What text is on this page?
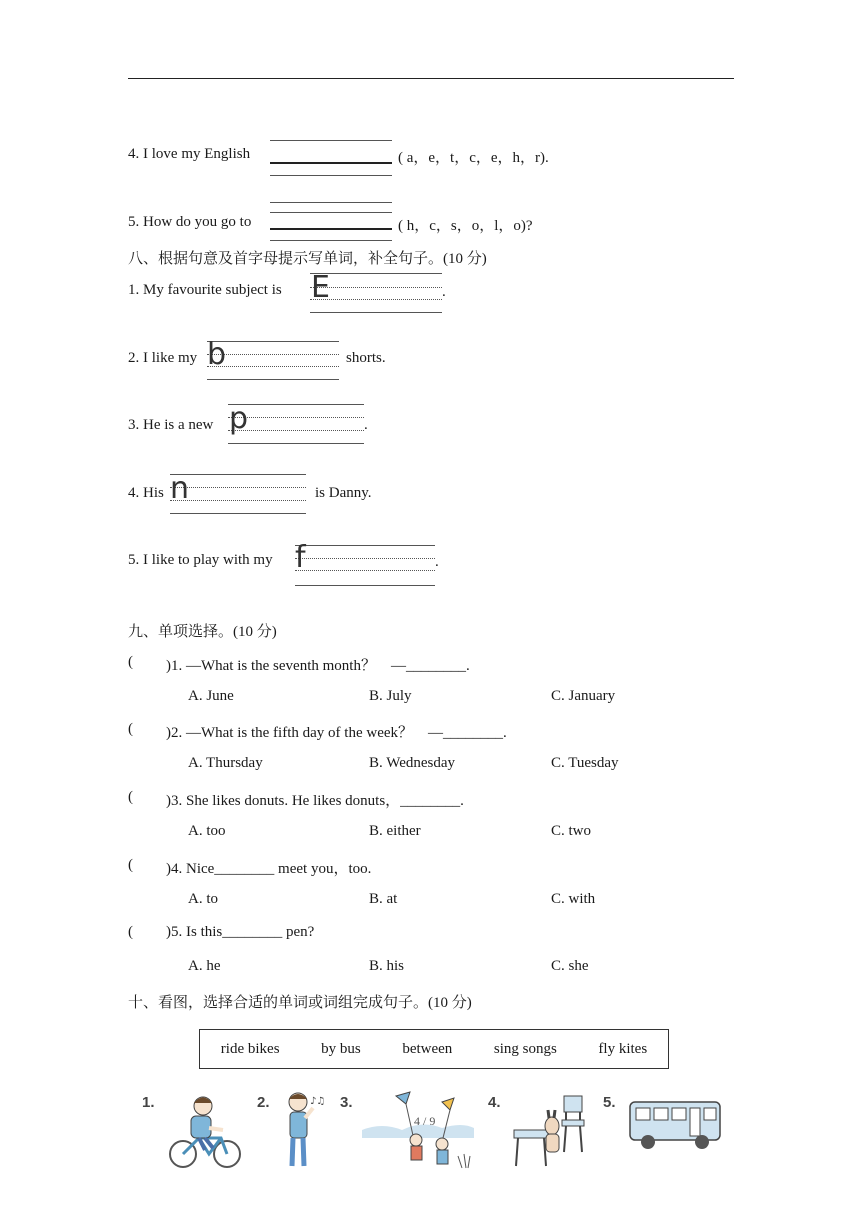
4. I love my English	( a，e，t，c，e，h，r).
5. How do you go to	( h，c，s，o，l，o)?
八、根据句意及首字母提示写单词，补全句子。(10 分)
1. My favourite subject is E	.
2. I like my b	shorts.
3. He is a new p	.
4. His n	is Danny.
5. I like to play with my f	.
九、单项选择。(10 分)
( )1. —What is the seventh month？　—________.
A. June	B. July	C. January
( )2. —What is the fifth day of the week？　—________.
A. Thursday	B. Wednesday	C. Tuesday
( )3. She likes donuts. He likes donuts，________.
A. too	B. either	C. two
( )4. Nice________ meet you，too.
A. to	B. at	C. with
( )5. Is this________ pen?
A. he	B. his	C. she
十、看图，选择合适的单词或词组完成句子。(10 分)
ride bikes	by bus	between	sing songs	fly kites
1.	2.	3.	4.	5.
♪♫
4 / 9
